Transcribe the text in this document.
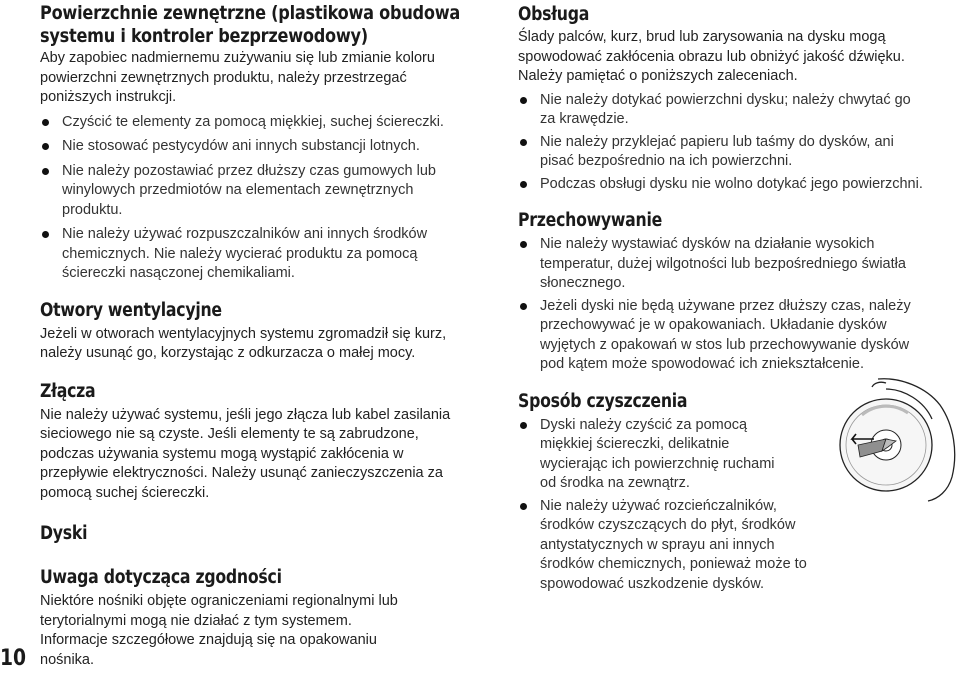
Powierzchnie zewnętrzne (plastikowa obudowa
systemu i kontroler bezprzewodowy)

Aby zapobiec nadmiernemu zużywaniu się lub zmianie koloru powierzchni zewnętrznych produktu, należy przestrzegać poniższych instrukcji.

Czyścić te elementy za pomocą miękkiej, suchej ściereczki.
Nie stosować pestycydów ani innych substancji lotnych.
Nie należy pozostawiać przez dłuższy czas gumowych lub winylowych przedmiotów na elementach zewnętrznych produktu.
Nie należy używać rozpuszczalników ani innych środków chemicznych. Nie należy wycierać produktu za pomocą ściereczki nasączonej chemikaliami.
Otwory wentylacyjne

Jeżeli w otworach wentylacyjnych systemu zgromadził się kurz, należy usunąć go, korzystając z odkurzacza o małej mocy.

Złącza

Nie należy używać systemu, jeśli jego złącza lub kabel zasilania sieciowego nie są czyste. Jeśli elementy te są zabrudzone, podczas używania systemu mogą wystąpić zakłócenia w przepływie elektryczności. Należy usunąć zanieczyszczenia za pomocą suchej ściereczki.

Dyski
Uwaga dotycząca zgodności

Niektóre nośniki objęte ograniczeniami regionalnymi lub terytorialnymi mogą nie działać z tym systemem. Informacje szczegółowe znajdują się na opakowaniu nośnika.

Obsługa

Ślady palców, kurz, brud lub zarysowania na dysku mogą spowodować zakłócenia obrazu lub obniżyć jakość dźwięku. Należy pamiętać o poniższych zaleceniach.

Nie należy dotykać powierzchni dysku; należy chwytać go za krawędzie.
Nie należy przyklejać papieru lub taśmy do dysków, ani pisać bezpośrednio na ich powierzchni.
Podczas obsługi dysku nie wolno dotykać jego powierzchni.
Przechowywanie
Nie należy wystawiać dysków na działanie wysokich temperatur, dużej wilgotności lub bezpośredniego światła słonecznego.
Jeżeli dyski nie będą używane przez dłuższy czas, należy przechowywać je w opakowaniach. Układanie dysków wyjętych z opakowań w stos lub przechowywanie dysków pod kątem może spowodować ich zniekształcenie.
Sposób czyszczenia
Dyski należy czyścić za pomocą miękkiej ściereczki, delikatnie wycierając ich powierzchnię ruchami od środka na zewnątrz.
Nie należy używać rozcieńczalników, środków czyszczących do płyt, środków antystatycznych w sprayu ani innych środków chemicznych, ponieważ może to spowodować uszkodzenie dysków.
10
